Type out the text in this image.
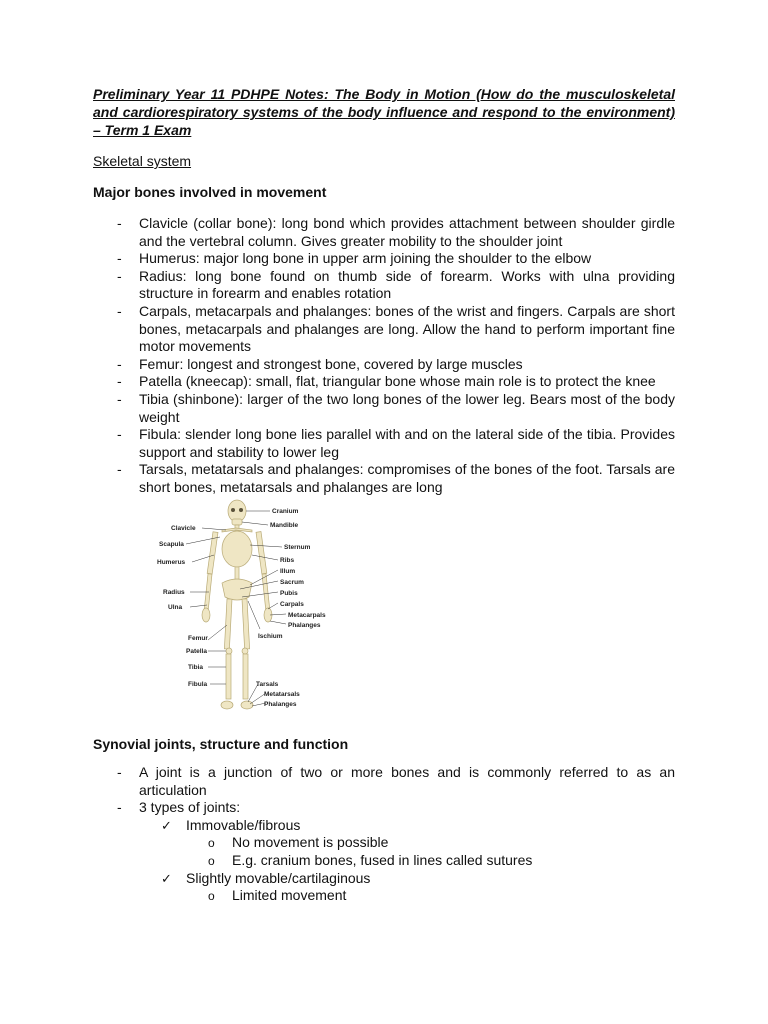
Preliminary Year 11 PDHPE Notes: The Body in Motion (How do the musculoskeletal and cardiorespiratory systems of the body influence and respond to the environment) – Term 1 Exam

Skeletal system
Major bones involved in movement
- Clavicle (collar bone): long bond which provides attachment between shoulder girdle and the vertebral column. Gives greater mobility to the shoulder joint
- Humerus: major long bone in upper arm joining the shoulder to the elbow
- Radius: long bone found on thumb side of forearm. Works with ulna providing structure in forearm and enables rotation
- Carpals, metacarpals and phalanges: bones of the wrist and fingers. Carpals are short bones, metacarpals and phalanges are long. Allow the hand to perform important fine motor movements
- Femur: longest and strongest bone, covered by large muscles
- Patella (kneecap): small, flat, triangular bone whose main role is to protect the knee
- Tibia (shinbone): larger of the two long bones of the lower leg. Bears most of the body weight
- Fibula: slender long bone lies parallel with and on the lateral side of the tibia. Provides support and stability to lower leg
- Tarsals, metatarsals and phalanges: compromises of the bones of the foot. Tarsals are short bones, metatarsals and phalanges are long
Clavicle
Scapula
Humerus
Radius
Ulna
Femur
Patella
Tibia
Fibula
Cranium
Mandible
Sternum
Ribs
Illum
Sacrum
Pubis
Carpals
Metacarpals
Phalanges
Ischium
Tarsals
Metatarsals
Phalanges
Synovial joints, structure and function
- A joint is a junction of two or more bones and is commonly referred to as an articulation
- 3 types of joints:
✓ Immovable/fibrous
o No movement is possible
o E.g. cranium bones, fused in lines called sutures
✓ Slightly movable/cartilaginous
o Limited movement
